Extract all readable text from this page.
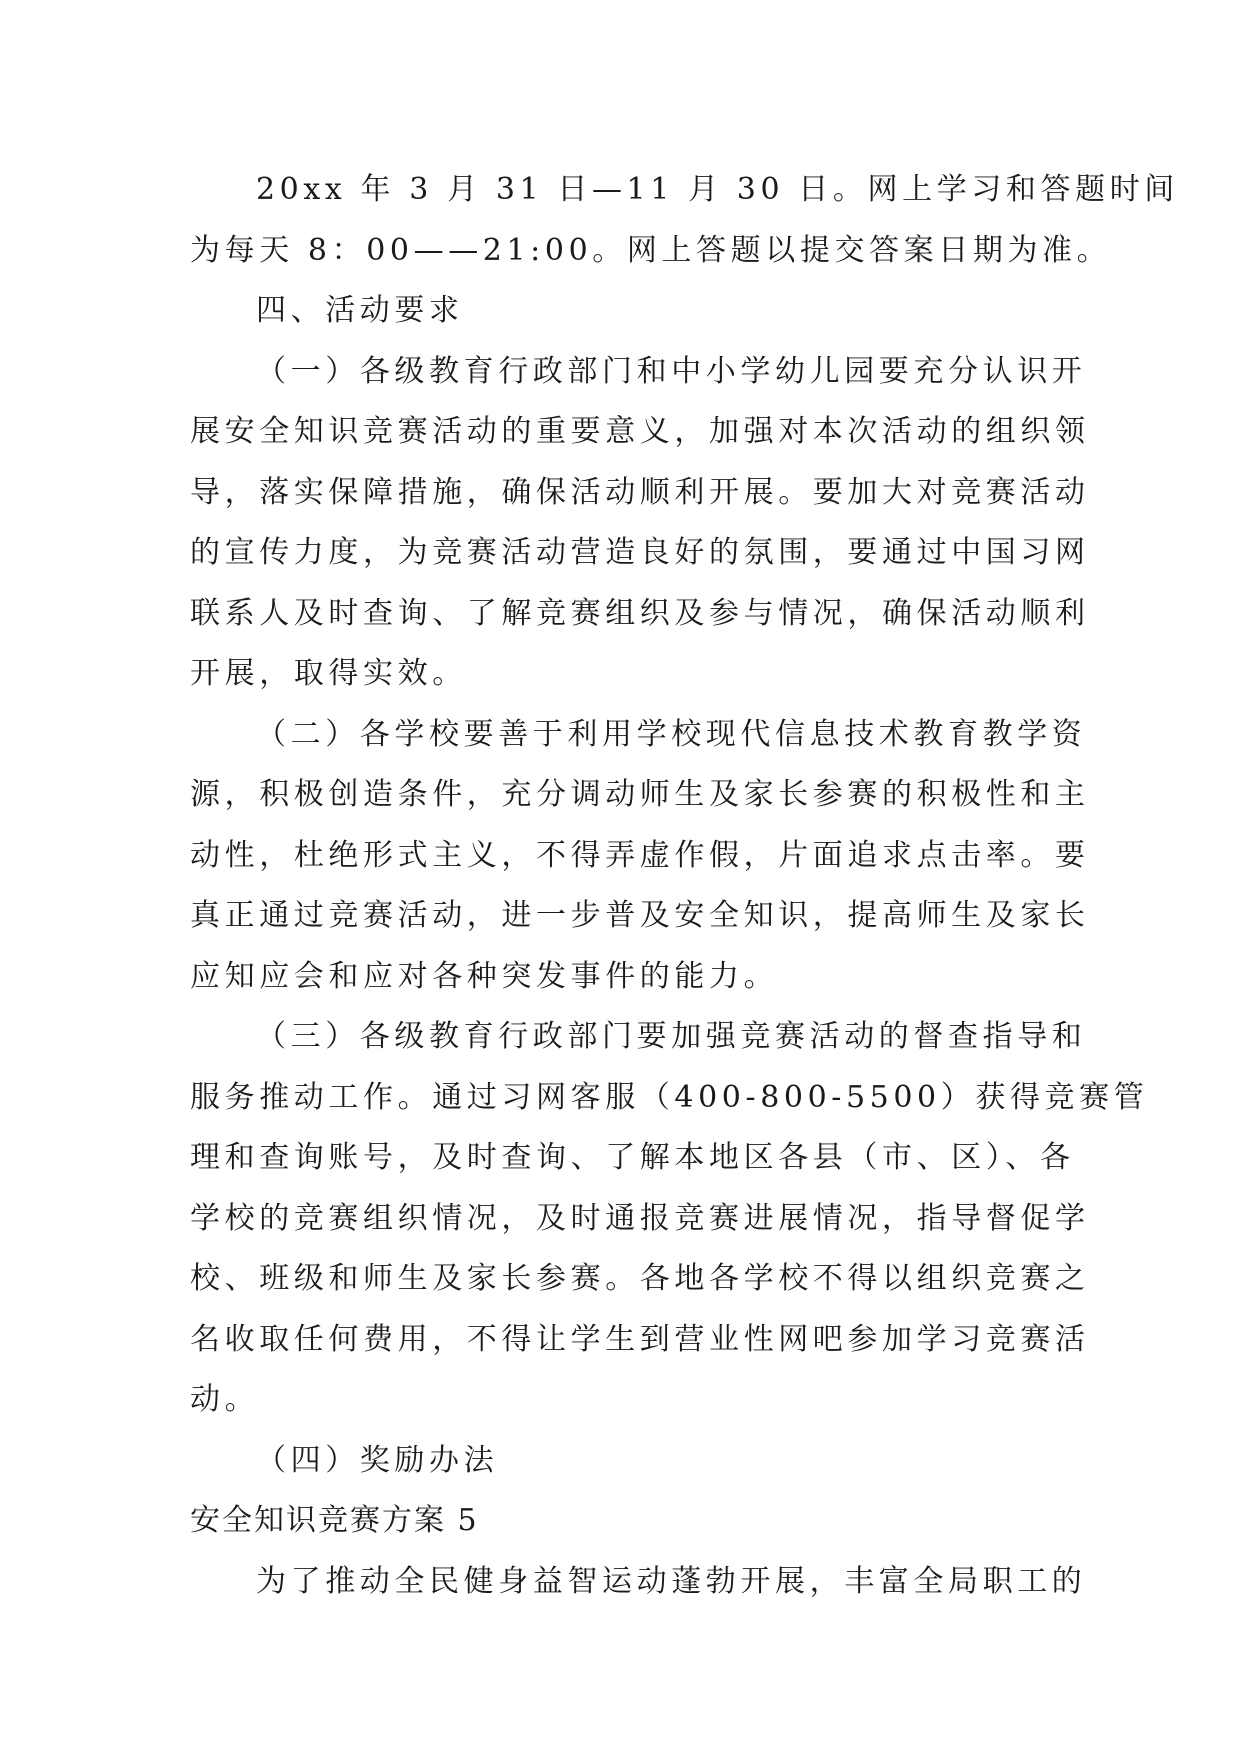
20xx 年 3 月 31 日—11 月 30 日。网上学习和答题时间
为每天 8：00——21:00。网上答题以提交答案日期为准。
四、活动要求
（一）各级教育行政部门和中小学幼儿园要充分认识开
展安全知识竞赛活动的重要意义，加强对本次活动的组织领
导，落实保障措施，确保活动顺利开展。要加大对竞赛活动
的宣传力度，为竞赛活动营造良好的氛围，要通过中国习网
联系人及时查询、了解竞赛组织及参与情况，确保活动顺利
开展，取得实效。
（二）各学校要善于利用学校现代信息技术教育教学资
源，积极创造条件，充分调动师生及家长参赛的积极性和主
动性，杜绝形式主义，不得弄虚作假，片面追求点击率。要
真正通过竞赛活动，进一步普及安全知识，提高师生及家长
应知应会和应对各种突发事件的能力。
（三）各级教育行政部门要加强竞赛活动的督查指导和
服务推动工作。通过习网客服（400-800-5500）获得竞赛管
理和查询账号，及时查询、了解本地区各县（市、区）、各
学校的竞赛组织情况，及时通报竞赛进展情况，指导督促学
校、班级和师生及家长参赛。各地各学校不得以组织竞赛之
名收取任何费用，不得让学生到营业性网吧参加学习竞赛活
动。
（四）奖励办法
安全知识竞赛方案 5
为了推动全民健身益智运动蓬勃开展，丰富全局职工的
